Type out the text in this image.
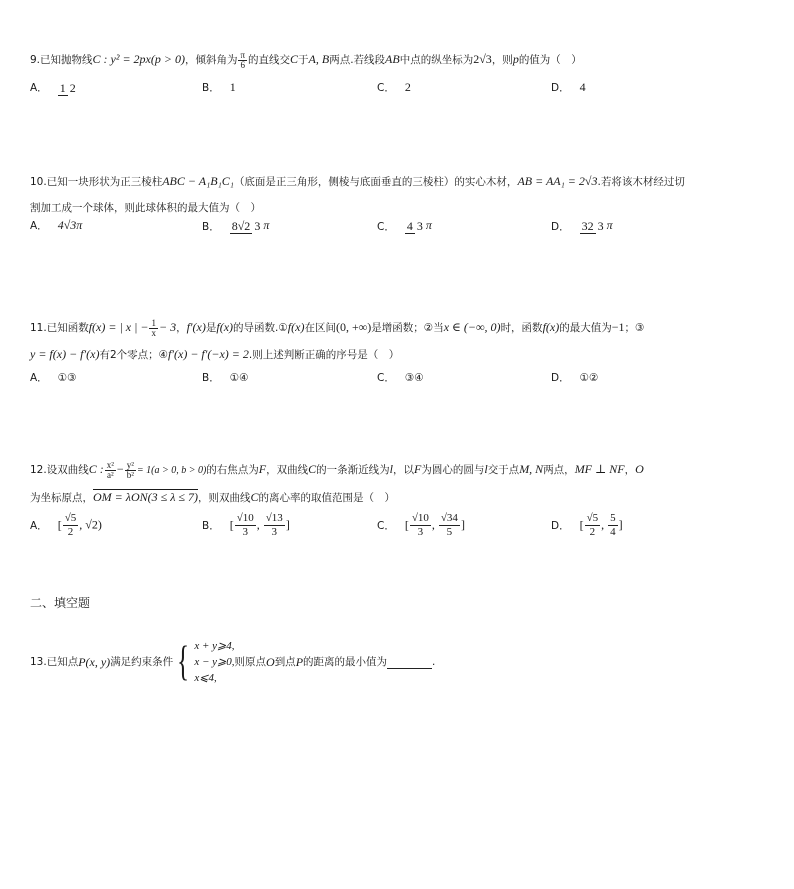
9.已知抛物线C : y² = 2px(p > 0)，倾斜角为 $\frac{\pi}{6}$ 的直线交C于A, B两点.若线段AB中点的纵坐标为2√3，则p的值为（　）
A． 1 2	B． 1	C． 2	D． 4
10.已知一块形状为正三棱柱ABC − A₁B₁C₁（底面是正三角形，侧棱与底面垂直的三棱柱）的实心木材，AB = AA₁ = 2√3.若将该木材经过切
割加工成一个球体，则此球体积的最大值为（　）
A． 4√3π	B． 8√2 3 π	C． 4 3 π	D． 32 3 π
11.已知函数f(x) = | x | − $\frac{1}{x} - 3$，f′(x)是f(x)的导函数.①f(x)在区间(0, +∞)是增函数；②当x ∈ (−∞, 0)时，函数f(x)的最大值为−1；③
y = f(x) − f′(x)有2个零点；④f′(x) − f′(−x) = 2.则上述判断正确的序号是（　）
A． ①③	B． ①④	C． ③④	D． ①②
12.设双曲线C : $\frac{\text{x²}}{\text{a²}} - \frac{\text{y²}}{\text{b²}} = 1(a > 0$, b > 0)的右焦点为F，双曲线C的一条渐近线为l，以F为圆心的圆与l交于点M, N两点，MF ⊥ NF，O
为坐标原点，OM = λON(3 ≤ λ ≤ 7)，则双曲线C的离心率的取值范围是（　）
A． [ $\frac{√5}{2}$ , √2)	B． [ $\frac{√10}{3}$ , $\frac{√13}{3}$ ]	C． [ $\frac{√10}{3}$ , $\frac{√34}{5}$ ]	D． [ $\frac{√5}{2}$ , $\frac{5}{4}$ ]
二、填空题
13.已知点P(x, y)满足约束条件 { x + y⩾4,
x − y⩾0,
x⩽4,
则原点O到点P的距离的最小值为	.
